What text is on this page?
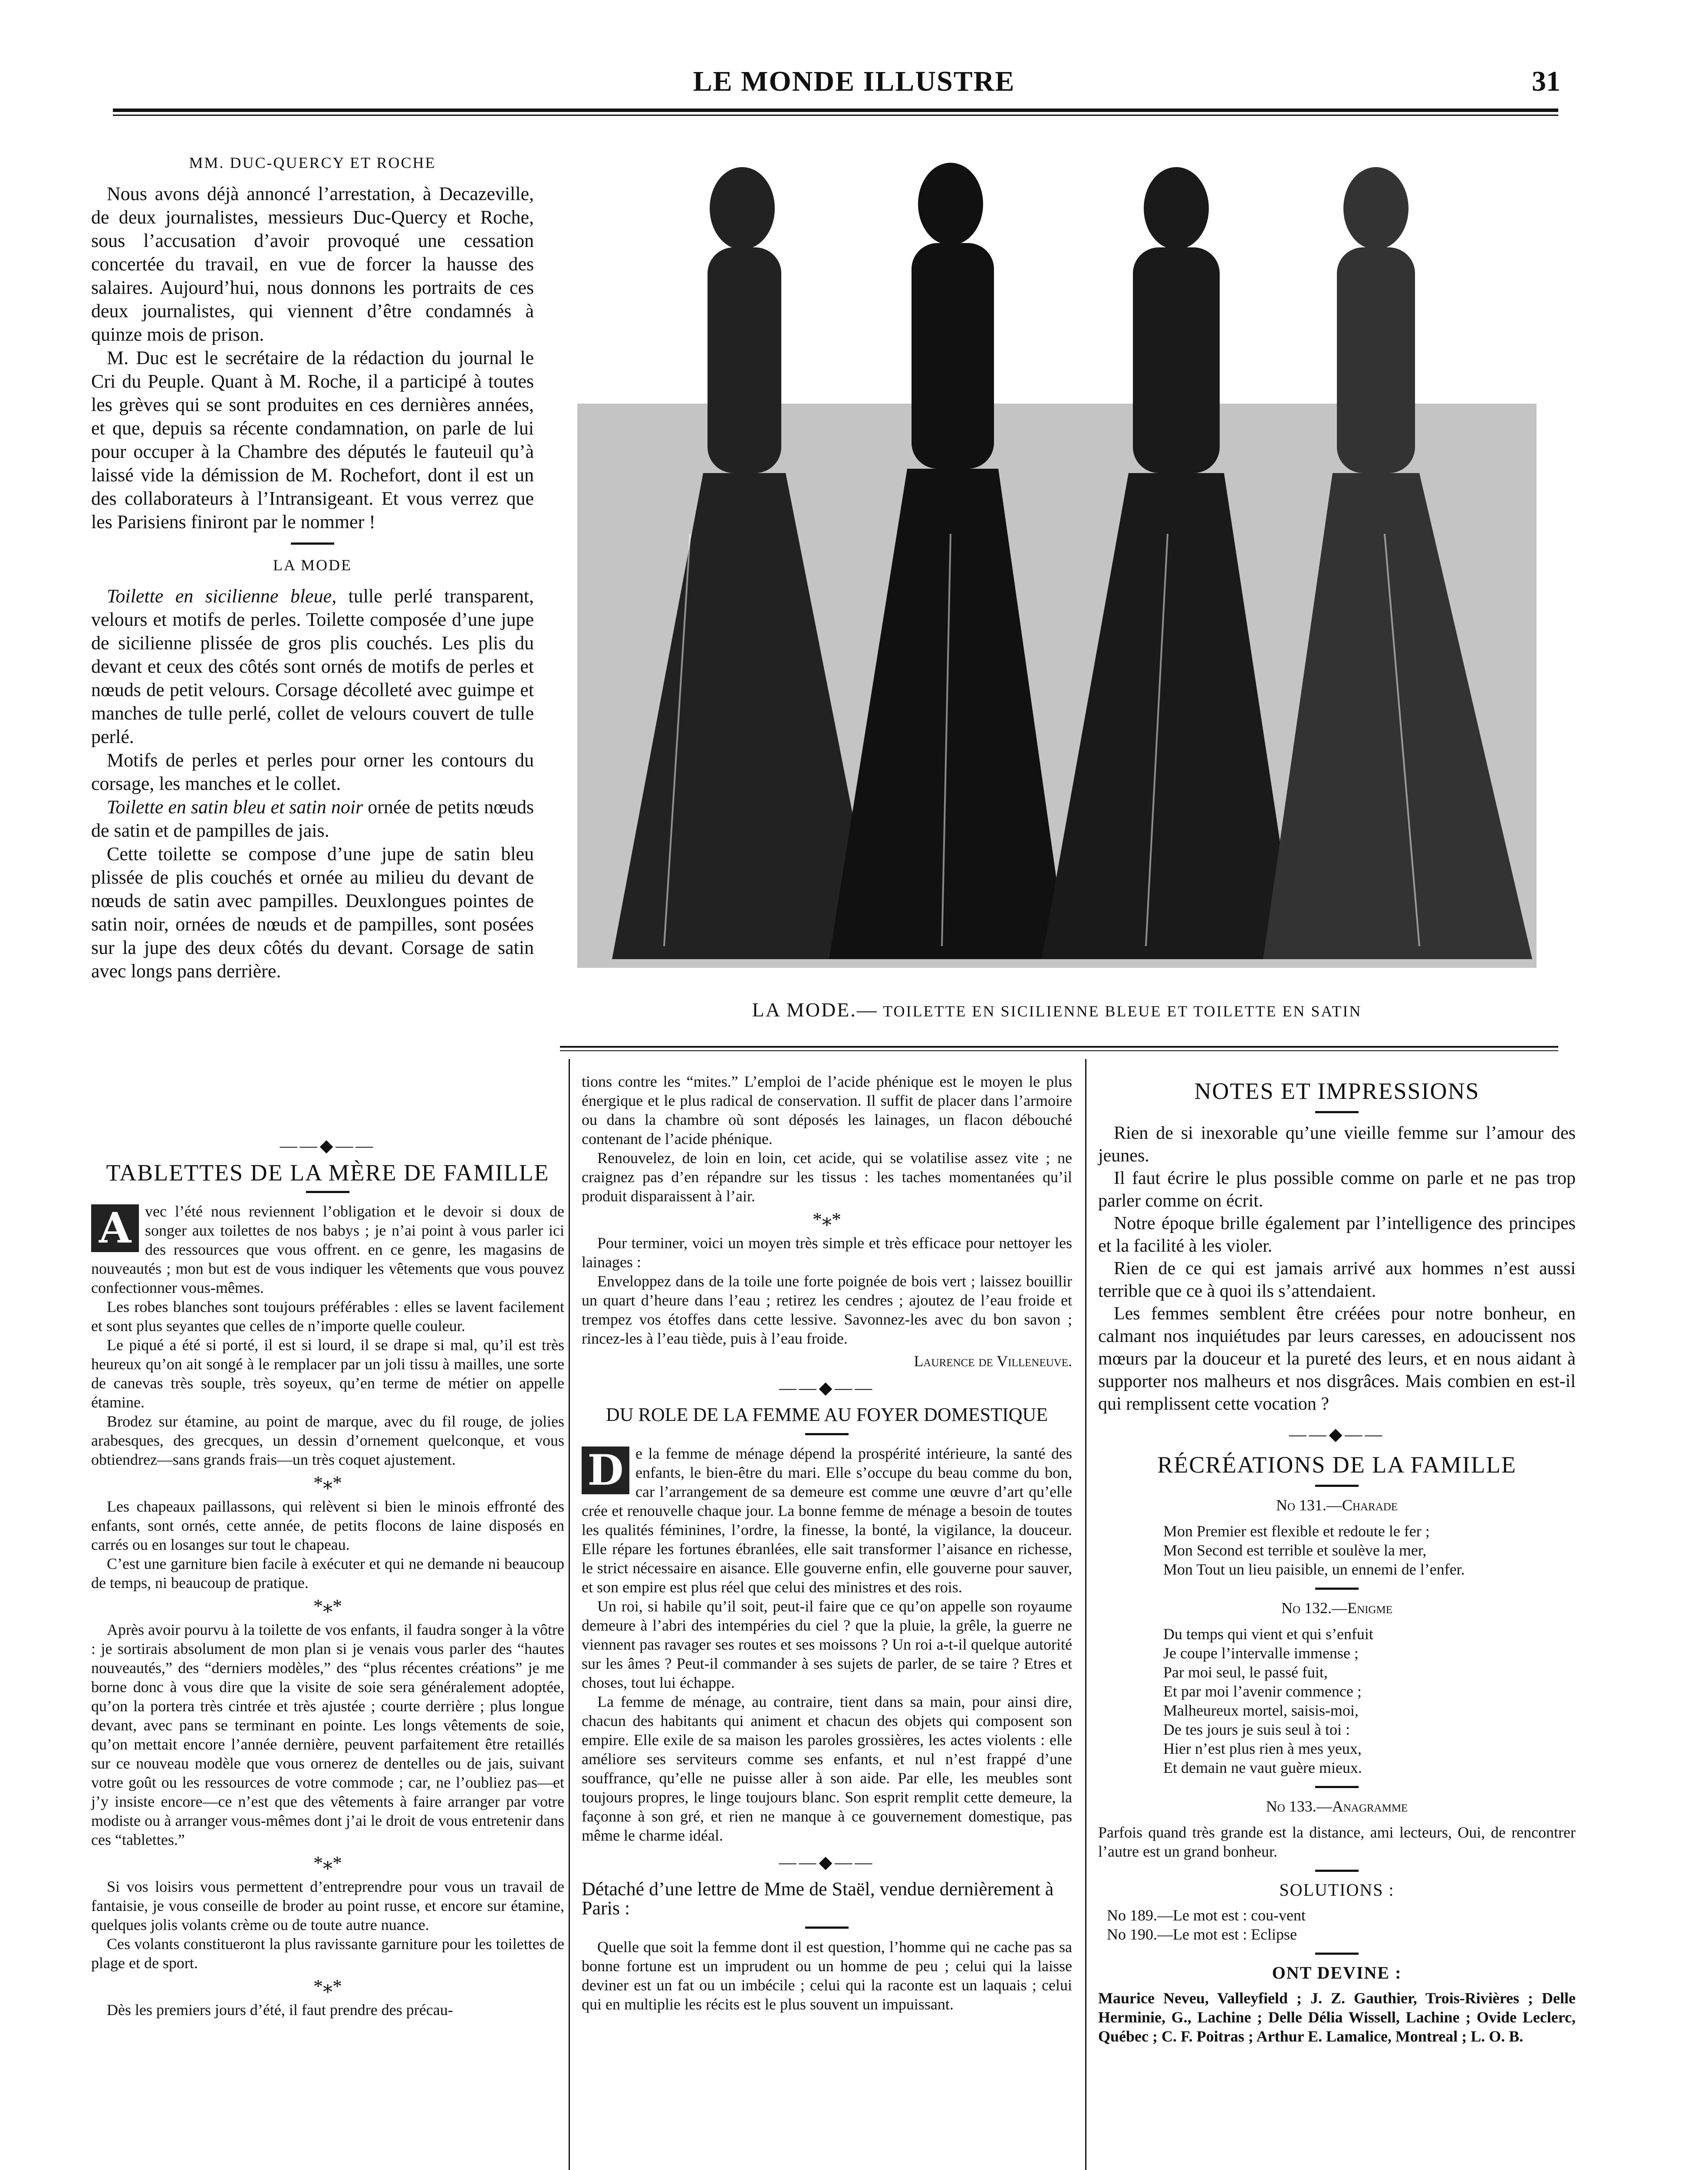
LE MONDE ILLUSTRE	31
MM. DUC-QUERCY ET ROCHE

Nous avons déjà annoncé l’arrestation, à Decazeville, de deux journalistes, messieurs Duc-Quercy et Roche, sous l’accusation d’avoir provoqué une cessation concertée du travail, en vue de forcer la hausse des salaires. Aujourd’hui, nous donnons les portraits de ces deux journalistes, qui viennent d’être condamnés à quinze mois de prison.

M. Duc est le secrétaire de la rédaction du journal le Cri du Peuple. Quant à M. Roche, il a participé à toutes les grèves qui se sont produites en ces dernières années, et que, depuis sa récente condamnation, on parle de lui pour occuper à la Chambre des députés le fauteuil qu’à laissé vide la démission de M. Rochefort, dont il est un des collaborateurs à l’Intransigeant. Et vous verrez que les Parisiens finiront par le nommer !

LA MODE

Toilette en sicilienne bleue, tulle perlé transparent, velours et motifs de perles. Toilette composée d’une jupe de sicilienne plissée de gros plis couchés. Les plis du devant et ceux des côtés sont ornés de motifs de perles et nœuds de petit velours. Corsage décolleté avec guimpe et manches de tulle perlé, collet de velours couvert de tulle perlé.

Motifs de perles et perles pour orner les contours du corsage, les manches et le collet.

Toilette en satin bleu et satin noir ornée de petits nœuds de satin et de pampilles de jais.

Cette toilette se compose d’une jupe de satin bleu plissée de plis couchés et ornée au milieu du devant de nœuds de satin avec pampilles. Deuxlongues pointes de satin noir, ornées de nœuds et de pampilles, sont posées sur la jupe des deux côtés du devant. Corsage de satin avec longs pans derrière.

LA MODE.— TOILETTE EN SICILIENNE BLEUE ET TOILETTE EN SATIN
――◆――
TABLETTES DE LA MÈRE DE FAMILLE

A vec l’été nous reviennent l’obligation et le devoir si doux de songer aux toilettes de nos babys ; je n’ai point à vous parler ici des ressources que vous offrent. en ce genre, les magasins de nouveautés ; mon but est de vous indiquer les vêtements que vous pouvez confectionner vous-mêmes.

Les robes blanches sont toujours préférables : elles se lavent facilement et sont plus seyantes que celles de n’importe quelle couleur.

Le piqué a été si porté, il est si lourd, il se drape si mal, qu’il est très heureux qu’on ait songé à le remplacer par un joli tissu à mailles, une sorte de canevas très souple, très soyeux, qu’en terme de métier on appelle étamine.

Brodez sur étamine, au point de marque, avec du fil rouge, de jolies arabesques, des grecques, un dessin d’ornement quelconque, et vous obtiendrez—sans grands frais—un très coquet ajustement.

*⁎*

Les chapeaux paillassons, qui relèvent si bien le minois effronté des enfants, sont ornés, cette année, de petits flocons de laine disposés en carrés ou en losanges sur tout le chapeau.

C’est une garniture bien facile à exécuter et qui ne demande ni beaucoup de temps, ni beaucoup de pratique.

*⁎*

Après avoir pourvu à la toilette de vos enfants, il faudra songer à la vôtre : je sortirais absolument de mon plan si je venais vous parler des “hautes nouveautés,” des “derniers modèles,” des “plus récentes créations” je me borne donc à vous dire que la visite de soie sera généralement adoptée, qu’on la portera très cintrée et très ajustée ; courte derrière ; plus longue devant, avec pans se terminant en pointe. Les longs vêtements de soie, qu’on mettait encore l’année dernière, peuvent parfaitement être retaillés sur ce nouveau modèle que vous ornerez de dentelles ou de jais, suivant votre goût ou les ressources de votre commode ; car, ne l’oubliez pas—et j’y insiste encore—ce n’est que des vêtements à faire arranger par votre modiste ou à arranger vous-mêmes dont j’ai le droit de vous entretenir dans ces “tablettes.”

*⁎*

Si vos loisirs vous permettent d’entreprendre pour vous un travail de fantaisie, je vous conseille de broder au point russe, et encore sur étamine, quelques jolis volants crème ou de toute autre nuance.

Ces volants constitueront la plus ravissante garniture pour les toilettes de plage et de sport.

*⁎*

Dès les premiers jours d’été, il faut prendre des précau-

tions contre les “mites.” L’emploi de l’acide phénique est le moyen le plus énergique et le plus radical de conservation. Il suffit de placer dans l’armoire ou dans la chambre où sont déposés les lainages, un flacon débouché contenant de l’acide phénique.

Renouvelez, de loin en loin, cet acide, qui se volatilise assez vite ; ne craignez pas d’en répandre sur les tissus : les taches momentanées qu’il produit disparaissent à l’air.

*⁎*

Pour terminer, voici un moyen très simple et très efficace pour nettoyer les lainages :

Enveloppez dans de la toile une forte poignée de bois vert ; laissez bouillir un quart d’heure dans l’eau ; retirez les cendres ; ajoutez de l’eau froide et trempez vos étoffes dans cette lessive. Savonnez-les avec du bon savon ; rincez-les à l’eau tiède, puis à l’eau froide.

Laurence de Villeneuve.
――◆――
DU ROLE DE LA FEMME AU FOYER DOMESTIQUE

D e la femme de ménage dépend la prospérité intérieure, la santé des enfants, le bien-être du mari. Elle s’occupe du beau comme du bon, car l’arrangement de sa demeure est comme une œuvre d’art qu’elle crée et renouvelle chaque jour. La bonne femme de ménage a besoin de toutes les qualités féminines, l’ordre, la finesse, la bonté, la vigilance, la douceur. Elle répare les fortunes ébranlées, elle sait transformer l’aisance en richesse, le strict nécessaire en aisance. Elle gouverne enfin, elle gouverne pour sauver, et son empire est plus réel que celui des ministres et des rois.

Un roi, si habile qu’il soit, peut-il faire que ce qu’on appelle son royaume demeure à l’abri des intempéries du ciel ? que la pluie, la grêle, la guerre ne viennent pas ravager ses routes et ses moissons ? Un roi a-t-il quelque autorité sur les âmes ? Peut-il commander à ses sujets de parler, de se taire ? Etres et choses, tout lui échappe.

La femme de ménage, au contraire, tient dans sa main, pour ainsi dire, chacun des habitants qui animent et chacun des objets qui composent son empire. Elle exile de sa maison les paroles grossières, les actes violents : elle améliore ses serviteurs comme ses enfants, et nul n’est frappé d’une souffrance, qu’elle ne puisse aller à son aide. Par elle, les meubles sont toujours propres, le linge toujours blanc. Son esprit remplit cette demeure, la façonne à son gré, et rien ne manque à ce gouvernement domestique, pas même le charme idéal.

――◆――
Détaché d’une lettre de Mme de Staël, vendue dernièrement à Paris :

Quelle que soit la femme dont il est question, l’homme qui ne cache pas sa bonne fortune est un imprudent ou un homme de peu ; celui qui la laisse deviner est un fat ou un imbécile ; celui qui la raconte est un laquais ; celui qui en multiplie les récits est le plus souvent un impuissant.

NOTES ET IMPRESSIONS

Rien de si inexorable qu’une vieille femme sur l’amour des jeunes.

Il faut écrire le plus possible comme on parle et ne pas trop parler comme on écrit.

Notre époque brille également par l’intelligence des principes et la facilité à les violer.

Rien de ce qui est jamais arrivé aux hommes n’est aussi terrible que ce à quoi ils s’attendaient.

Les femmes semblent être créées pour notre bonheur, en calmant nos inquiétudes par leurs caresses, en adoucissent nos mœurs par la douceur et la pureté des leurs, et en nous aidant à supporter nos malheurs et nos disgrâces. Mais combien en est-il qui remplissent cette vocation ?

――◆――
RÉCRÉATIONS DE LA FAMILLE
No 131.—Charade
Mon Premier est flexible et redoute le fer ;
Mon Second est terrible et soulève la mer,
Mon Tout un lieu paisible, un ennemi de l’enfer.
No 132.—Enigme
Du temps qui vient et qui s’enfuit
Je coupe l’intervalle immense ;
Par moi seul, le passé fuit,
Et par moi l’avenir commence ;
Malheureux mortel, saisis-moi,
De tes jours je suis seul à toi :
Hier n’est plus rien à mes yeux,
Et demain ne vaut guère mieux.
No 133.—Anagramme
Parfois quand très grande est la distance, ami lecteurs, Oui, de rencontrer l’autre est un grand bonheur.
SOLUTIONS :
No 189.—Le mot est : cou-vent
No 190.—Le mot est : Eclipse
ONT DEVINE :
Maurice Neveu, Valleyfield ; J. Z. Gauthier, Trois-Rivières ; Delle Herminie, G., Lachine ; Delle Délia Wissell, Lachine ; Ovide Leclerc, Québec ; C. F. Poitras ; Arthur E. Lamalice, Montreal ; L. O. B.
